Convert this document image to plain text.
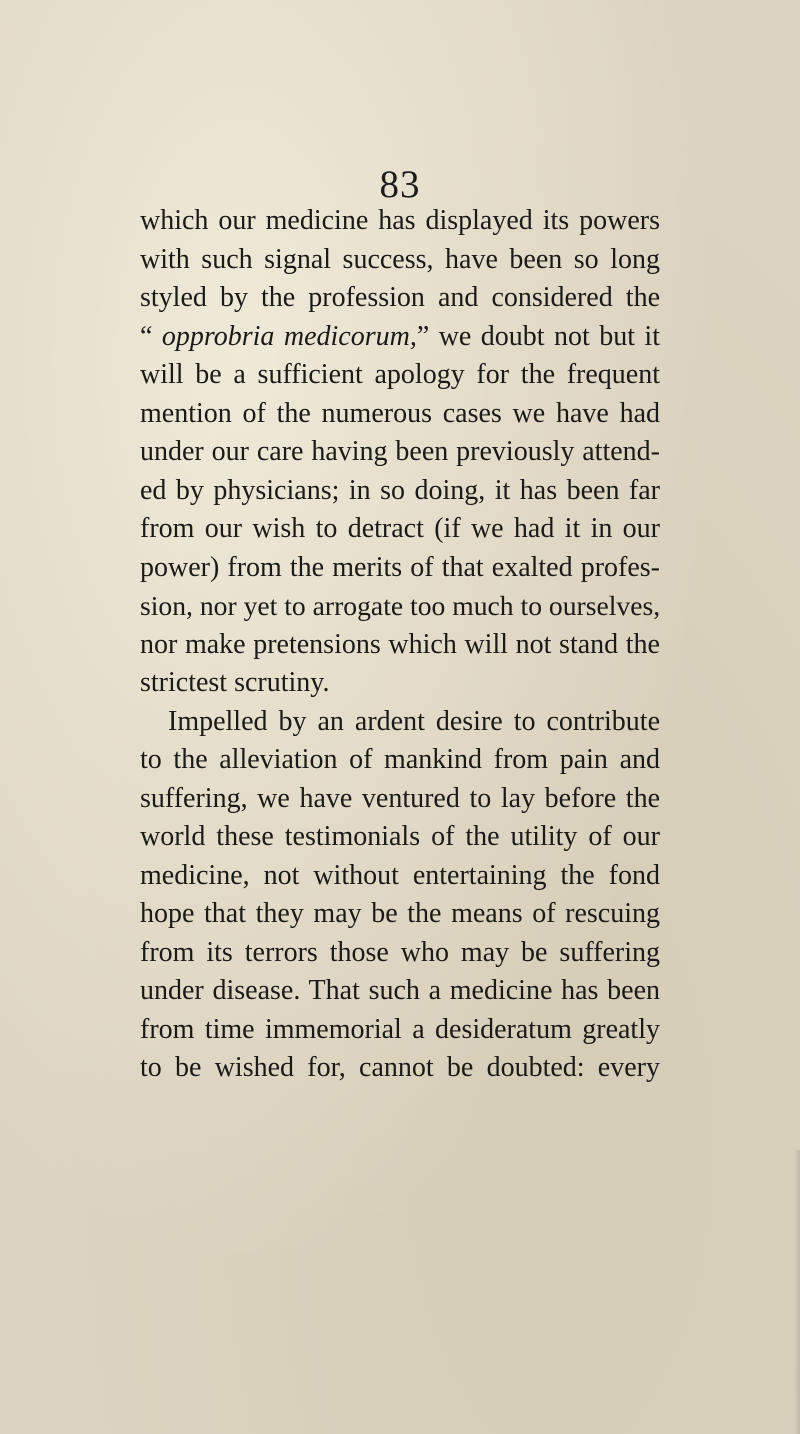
83
which our medicine has displayed its powers
with such signal success, have been so long
styled by the profession and considered the
“ opprobria medicorum,” we doubt not but it
will be a sufficient apology for the frequent
mention of the numerous cases we have had
under our care having been previously attend-
ed by physicians; in so doing, it has been far
from our wish to detract (if we had it in our
power) from the merits of that exalted profes-
sion, nor yet to arrogate too much to ourselves,
nor make pretensions which will not stand the
strictest scrutiny.
Impelled by an ardent desire to contribute
to the alleviation of mankind from pain and
suffering, we have ventured to lay before the
world these testimonials of the utility of our
medicine, not without entertaining the fond
hope that they may be the means of rescuing
from its terrors those who may be suffering
under disease. That such a medicine has been
from time immemorial a desideratum greatly
to be wished for, cannot be doubted: every
